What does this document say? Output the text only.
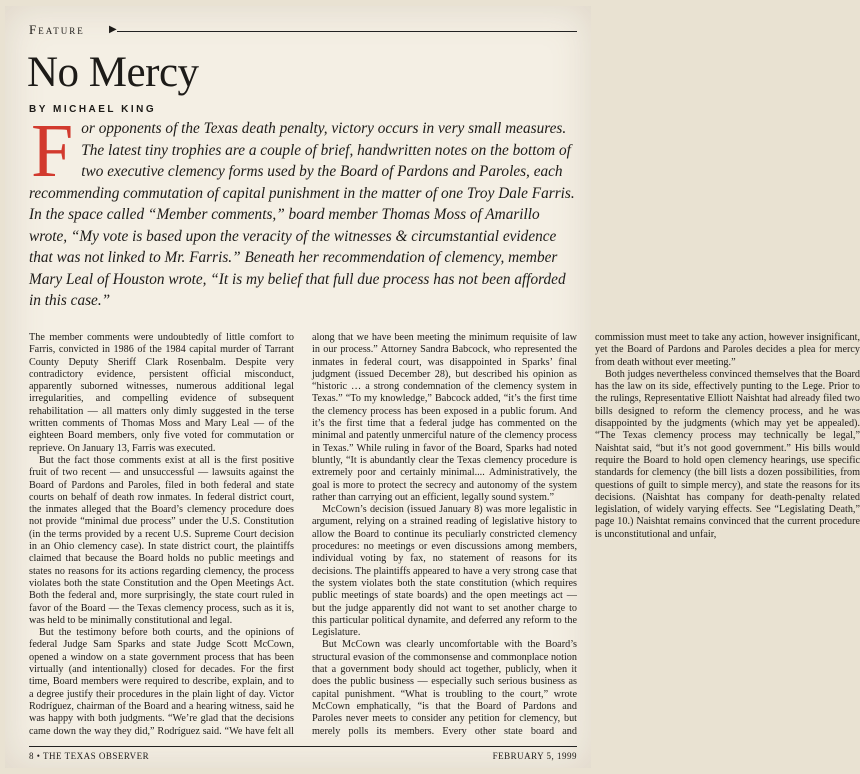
Feature ▶
No Mercy
BY MICHAEL KING
For opponents of the Texas death penalty, victory occurs in very small measures. The latest tiny trophies are a couple of brief, handwritten notes on the bottom of two executive clemency forms used by the Board of Pardons and Paroles, each recommending commutation of capital punishment in the matter of one Troy Dale Farris. In the space called “Member comments,” board member Thomas Moss of Amarillo wrote, “My vote is based upon the veracity of the witnesses & circumstantial evidence that was not linked to Mr. Farris.” Beneath her recommendation of clemency, member Mary Leal of Houston wrote, “It is my belief that full due process has not been afforded in this case.”

The member comments were undoubtedly of little comfort to Farris, convicted in 1986 of the 1984 capital murder of Tarrant County Deputy Sheriff Clark Rosenbalm. Despite very contradictory evidence, persistent official misconduct, apparently suborned witnesses, numerous additional legal irregularities, and compelling evidence of subsequent rehabilitation — all matters only dimly suggested in the terse written comments of Thomas Moss and Mary Leal — of the eighteen Board members, only five voted for commutation or reprieve. On January 13, Farris was executed.

But the fact those comments exist at all is the first positive fruit of two recent — and unsuccessful — lawsuits against the Board of Pardons and Paroles, filed in both federal and state courts on behalf of death row inmates. In federal district court, the inmates alleged that the Board’s clemency procedure does not provide “minimal due process” under the U.S. Constitution (in the terms provided by a recent U.S. Supreme Court decision in an Ohio clemency case). In state district court, the plaintiffs claimed that because the Board holds no public meetings and states no reasons for its actions regarding clemency, the process violates both the state Constitution and the Open Meetings Act. Both the federal and, more surprisingly, the state court ruled in favor of the Board — the Texas clemency process, such as it is, was held to be minimally constitutional and legal.

But the testimony before both courts, and the opinions of federal Judge Sam Sparks and state Judge Scott McCown, opened a window on a state government process that has been virtually (and intentionally) closed for decades. For the first time, Board members were required to describe, explain, and to a degree justify their procedures in the plain light of day. Victor Rodríguez, chairman of the Board and a hearing witness, said he was happy with both judgments. “We’re glad that the decisions came down the way they did,” Rodríguez said. “We have felt all along that we have been meeting the minimum requisite of law in our process.” Attorney Sandra Babcock, who represented the inmates in federal court, was disappointed in Sparks’ final judgment (issued December 28), but described his opinion as “historic … a strong condemnation of the clemency system in Texas.” “To my knowledge,” Babcock added, “it’s the first time the clemency process has been exposed in a public forum. And it’s the first time that a federal judge has commented on the minimal and patently unmerciful nature of the clemency process in Texas.” While ruling in favor of the Board, Sparks had noted bluntly, “It is abundantly clear the Texas clemency procedure is extremely poor and certainly minimal.... Administratively, the goal is more to protect the secrecy and autonomy of the system rather than carrying out an efficient, legally sound system.”

McCown’s decision (issued January 8) was more legalistic in argument, relying on a strained reading of legislative history to allow the Board to continue its peculiarly constricted clemency procedures: no meetings or even discussions among members, individual voting by fax, no statement of reasons for its decisions. The plaintiffs appeared to have a very strong case that the system violates both the state constitution (which requires public meetings of state boards) and the open meetings act — but the judge apparently did not want to set another charge to this particular political dynamite, and deferred any reform to the Legislature.

But McCown was clearly uncomfortable with the Board’s structural evasion of the commonsense and commonplace notion that a government body should act together, publicly, when it does the public business — especially such serious business as capital punishment. “What is troubling to the court,” wrote McCown emphatically, “is that the Board of Pardons and Paroles never meets to consider any petition for clemency, but merely polls its members. Every other state board and commission must meet to take any action, however insignificant, yet the Board of Pardons and Paroles decides a plea for mercy from death without ever meeting.”

Both judges nevertheless convinced themselves that the Board has the law on its side, effectively punting to the Lege. Prior to the rulings, Representative Elliott Naishtat had already filed two bills designed to reform the clemency process, and he was disappointed by the judgments (which may yet be appealed). “The Texas clemency process may technically be legal,” Naishtat said, “but it’s not good government.” His bills would require the Board to hold open clemency hearings, use specific standards for clemency (the bill lists a dozen possibilities, from questions of guilt to simple mercy), and state the reasons for its decisions. (Naishtat has company for death-penalty related legislation, of widely varying effects. See “Legislating Death,” page 10.) Naishtat remains convinced that the current procedure is unconstitutional and unfair,

8 • THE TEXAS OBSERVER	FEBRUARY 5, 1999
